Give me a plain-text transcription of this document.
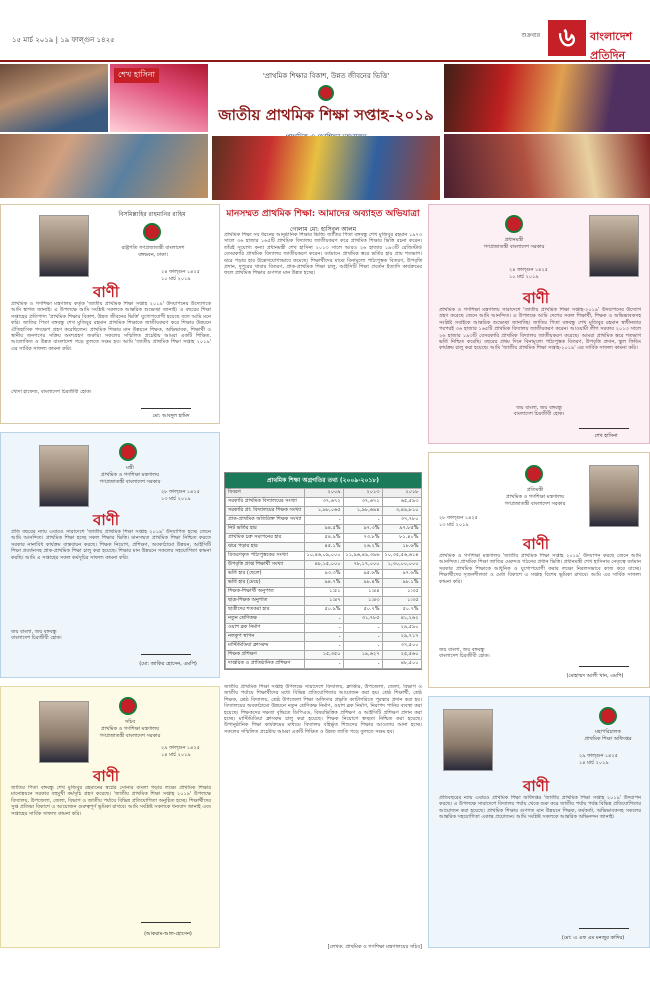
১৫ মার্চ ২০১৯ | ১৯ ফাল্গুন ১৪২৫
শুক্রবার ৬	বাংলাদেশ প্রতিদিন
শেখ হাসিনা	'প্রাথমিক শিক্ষার বিকাশ, উন্নত জীবনের ভিত্তি'
জাতীয় প্রাথমিক শিক্ষা সপ্তাহ-২০১৯
বিসমিল্লাহির রাহমানির রাহিম
রাষ্ট্রপতি গণপ্রজাতন্ত্রী বাংলাদেশ বঙ্গভবন, ঢাকা।
২৪ ফাল্গুন ১৪২৫
১০ মার্চ ২০১৯
বাণী
প্রাথমিক ও গণশিক্ষা মন্ত্রণালয় কর্তৃক 'জাতীয় প্রাথমিক শিক্ষা সপ্তাহ ২০১৯' উদযাপনের উদ্যোগকে আমি স্বাগত জানাই। এ উপলক্ষে আমি সংশ্লিষ্ট সকলকে আন্তরিক শুভেচ্ছা জানাই। এ বছরের শিক্ষা সপ্তাহের প্রতিপাদ্য 'প্রাথমিক শিক্ষার বিকাশ, উন্নত জীবনের ভিত্তি' যুগোপযোগী হয়েছে বলে আমি মনে করি। জাতির পিতা বঙ্গবন্ধু শেখ মুজিবুর রহমান প্রাথমিক শিক্ষাকে জাতীয়করণ করে শিক্ষার উন্নয়নে ঐতিহাসিক পদক্ষেপ গ্রহণ করেছিলেন। প্রাথমিক শিক্ষার মান উন্নয়নে শিক্ষক, অভিভাবক, শিক্ষার্থী ও স্থানীয় জনগণের সক্রিয় অংশগ্রহণ জরুরি। সকলের সম্মিলিত প্রচেষ্টায় আমরা একটি শিক্ষিত, আলোকিত ও উন্নত বাংলাদেশ গড়ে তুলতে সক্ষম হব। আমি 'জাতীয় প্রাথমিক শিক্ষা সপ্তাহ ২০১৯' এর সার্বিক সাফল্য কামনা করি।
খোদা হাফেজ, বাংলাদেশ চিরজীবী হোক।
মো: আবদুল হামিদ
মন্ত্রী
প্রাথমিক ও গণশিক্ষা মন্ত্রণালয়
গণপ্রজাতন্ত্রী বাংলাদেশ সরকার
২৮ ফাল্গুন ১৪২৫
১৩ মার্চ ২০১৯
বাণী
প্রতি বছরের ন্যায় এবারও সারাদেশে 'জাতীয় প্রাথমিক শিক্ষা সপ্তাহ ২০১৯' উদযাপিত হচ্ছে জেনে আমি আনন্দিত। প্রাথমিক শিক্ষা হচ্ছে সকল শিক্ষার ভিত্তি। মানসম্মত প্রাথমিক শিক্ষা নিশ্চিত করতে সরকার নানাবিধ কার্যক্রম বাস্তবায়ন করছে। শিক্ষক নিয়োগ, প্রশিক্ষণ, অবকাঠামো উন্নয়ন, আইসিটি শিক্ষা প্রবর্তনসহ প্রাক-প্রাথমিক শিক্ষা চালু করা হয়েছে। শিক্ষার মান উন্নয়নে সকলের সহযোগিতা কামনা করছি। আমি এ সপ্তাহের সকল কর্মসূচির সাফল্য কামনা করি।
জয় বাংলা, জয় বঙ্গবন্ধু
বাংলাদেশ চিরজীবী হোক।
(মো: জাকির হোসেন, এমপি)
সচিব
প্রাথমিক ও গণশিক্ষা মন্ত্রণালয়
গণপ্রজাতন্ত্রী বাংলাদেশ সরকার
২৯ ফাল্গুন ১৪২৫
১৪ মার্চ ২০১৯
বাণী
জাতির পিতা বঙ্গবন্ধু শেখ মুজিবুর রহমানের স্বপ্নের সোনার বাংলা গড়ার লক্ষ্যে প্রাথমিক শিক্ষার মানোন্নয়নে সরকার বহুমুখী কর্মসূচি গ্রহণ করেছে। 'জাতীয় প্রাথমিক শিক্ষা সপ্তাহ ২০১৯' উপলক্ষে বিদ্যালয়, উপজেলা, জেলা, বিভাগ ও জাতীয় পর্যায়ে বিভিন্ন প্রতিযোগিতা অনুষ্ঠিত হচ্ছে। শিক্ষার্থীদের সুপ্ত প্রতিভা বিকাশে এ আয়োজন গুরুত্বপূর্ণ ভূমিকা রাখবে। আমি সংশ্লিষ্ট সকলকে ধন্যবাদ জানাই এবং সপ্তাহের সার্বিক সাফল্য কামনা করি।
(আকরাম-আল-হোসেন)
মানসম্মত প্রাথমিক শিক্ষা: আমাদের অব্যাহত অভিযাত্রা
গোলাম মো: হাসিবুল আলম
প্রাথমিক শিক্ষা সব ধরনের আনুষ্ঠানিক শিক্ষার ভিত্তি। জাতির পিতা বঙ্গবন্ধু শেখ মুজিবুর রহমান ১৯৭৩ সালে ৩৬ হাজার ১৬৫টি প্রাথমিক বিদ্যালয় জাতীয়করণ করে প্রাথমিক শিক্ষার ভিত্তি রচনা করেন। তাঁরই সুযোগ্য কন্যা প্রধানমন্ত্রী শেখ হাসিনা ২০১৩ সালে আরও ২৬ হাজার ১৯৩টি রেজিস্টার্ড বেসরকারি প্রাথমিক বিদ্যালয় জাতীয়করণ করেন। বর্তমানে প্রাথমিক স্তরে ভর্তির হার প্রায় শতভাগ। ঝরে পড়ার হার উল্লেখযোগ্যভাবে কমেছে। শিক্ষার্থীদের মাঝে বিনামূল্যে পাঠ্যপুস্তক বিতরণ, উপবৃত্তি প্রদান, দুপুরের খাবার বিতরণ, প্রাক-প্রাথমিক শিক্ষা চালু, আইসিটি শিক্ষা প্রবর্তন ইত্যাদি কার্যক্রমের ফলে প্রাথমিক শিক্ষার গুণগত মান উন্নত হচ্ছে।
প্রাথমিক শিক্ষা অগ্রগতির তথ্য (২০০৯-২০১৮)
বিবরণ	২০০৯	২০১৩	২০১৮
সরকারি প্রাথমিক বিদ্যালয়ের সংখ্যা	৩৭,৬৭২	৩৭,৬৭২	৬৫,৫৯৩
সরকারি প্রা: বিদ্যালয়ের শিক্ষক সংখ্যা	১,৯৮,০৬৫	১,৯৮,৬৯৪	৩,৪৯,৮১০
প্রাক-প্রাথমিক অতিরিক্ত শিক্ষক সংখ্যা	-	-	৩৭,৭৮০
নিট ভর্তির হার	৯৪.৫%	৯৭.৩%	৯৭.৮৫%
প্রাথমিক চক্র সমাপনের হার	৫৪.৯%	৭৩.৮%	৮১.৪০%
ঝরে পড়ার হার	৪৫.১%	২৬.২%	১৮.৬%
বিতরণকৃত পাঠ্যপুস্তকের সংখ্যা	১০,৪৬,০৯,০০০	১১,৯৬,৪৯,৩৯৬	১০,৩৫,৫৬,৬১৪
উপবৃত্তি প্রাপ্ত শিক্ষার্থী সংখ্যা	৪৮,১৫,০০০	৭৮,১৭,০০০	১,৩০,০০,০০০
ভর্তি হার (ছেলে)	৯৩.৩%	৯৫.৬%	৯৭.৬%
ভর্তি হার (মেয়ে)	৯৪.৭%	৯৮.৪%	৯৮.১%
শিক্ষক-শিক্ষার্থী অনুপাত	১:৫১	১:৪৪	১:৩৫
ছাত্র-শিক্ষক অনুপাত	১:৪৭	১:৪৩	১:৩৫
ছাত্রীদের শতকরা হার	৫০.৯%	৫০.৭%	৫০.৭%
নতুন শ্রেণিকক্ষ	-	৩১,৭৮৫	৪১,২৬২
ওয়াশ ব্লক নির্মাণ	-	-	২৯,৫৯০
নলকূপ স্থাপন	-	-	২৯,৭১৭
মাল্টিমিডিয়া ক্লাসরুম	-	-	৩৭,৫০০
শিক্ষক প্রশিক্ষণ	১৫,৩৫০	১৯,৬২৭	২৫,৫৬০
দাপ্তরিক ও প্রাতিষ্ঠানিক প্রশিক্ষণ	-	-	৪৮,৫০০
জাতীয় প্রাথমিক শিক্ষা সপ্তাহ উপলক্ষে সারাদেশে বিদ্যালয়, ক্লাস্টার, উপজেলা, জেলা, বিভাগ ও জাতীয় পর্যায়ে শিক্ষার্থীদের মধ্যে বিভিন্ন প্রতিযোগিতার আয়োজন করা হয়। শ্রেষ্ঠ শিক্ষার্থী, শ্রেষ্ঠ শিক্ষক, শ্রেষ্ঠ বিদ্যালয়, শ্রেষ্ঠ উপজেলা শিক্ষা অফিসার প্রভৃতি ক্যাটাগরিতে পুরস্কার প্রদান করা হয়। বিদ্যালয়ের অবকাঠামো উন্নয়নে নতুন শ্রেণিকক্ষ নির্মাণ, ওয়াশ ব্লক নির্মাণ, নিরাপদ পানির ব্যবস্থা করা হয়েছে। শিক্ষকদের দক্ষতা বৃদ্ধিতে ডিপিএড, বিষয়ভিত্তিক প্রশিক্ষণ ও আইসিটি প্রশিক্ষণ প্রদান করা হচ্ছে। মাল্টিমিডিয়া ক্লাসরুম চালু করা হয়েছে। শিক্ষক নিয়োগে স্বচ্ছতা নিশ্চিত করা হয়েছে। উপানুষ্ঠানিক শিক্ষা কার্যক্রমের মাধ্যমে বিদ্যালয় বহির্ভূত শিশুদের শিক্ষার আওতায় আনা হচ্ছে। সকলের সম্মিলিত প্রচেষ্টায় আমরা একটি শিক্ষিত ও উন্নত জাতি গড়ে তুলতে সক্ষম হব।
[লেখক: প্রাথমিক ও গণশিক্ষা মন্ত্রণালয়ের সচিব]
প্রধানমন্ত্রী
গণপ্রজাতন্ত্রী বাংলাদেশ সরকার
২৪ ফাল্গুন ১৪২৫
১০ মার্চ ২০১৯
বাণী
প্রাথমিক ও গণশিক্ষা মন্ত্রণালয় সারাদেশে 'জাতীয় প্রাথমিক শিক্ষা সপ্তাহ-২০১৯' উদযাপনের উদ্যোগ গ্রহণ করেছে জেনে আমি আনন্দিত। এ উপলক্ষে আমি দেশের সকল শিক্ষার্থী, শিক্ষক ও অভিভাবকসহ সংশ্লিষ্ট সবাইকে আন্তরিক শুভেচ্ছা জানাচ্ছি। জাতির পিতা বঙ্গবন্ধু শেখ মুজিবুর রহমান স্বাধীনতার পরপরই ৩৬ হাজার ১৬৫টি প্রাথমিক বিদ্যালয় জাতীয়করণ করেন। আওয়ামী লীগ সরকার ২০১৩ সালে ২৬ হাজার ১৯৩টি বেসরকারি প্রাথমিক বিদ্যালয় জাতীয়করণ করেছে। আমরা প্রাথমিক স্তরে শতভাগ ভর্তি নিশ্চিত করেছি। বছরের প্রথম দিনে বিনামূল্যে পাঠ্যপুস্তক বিতরণ, উপবৃত্তি প্রদান, স্কুল ফিডিং কার্যক্রম চালু করা হয়েছে। আমি 'জাতীয় প্রাথমিক শিক্ষা সপ্তাহ-২০১৯' এর সার্বিক সাফল্য কামনা করি।
জয় বাংলা, জয় বঙ্গবন্ধু
বাংলাদেশ চিরজীবী হোক।
শেখ হাসিনা
প্রতিমন্ত্রী
প্রাথমিক ও গণশিক্ষা মন্ত্রণালয়
গণপ্রজাতন্ত্রী বাংলাদেশ সরকার
২৮ ফাল্গুন ১৪২৫
১৩ মার্চ ২০১৯
বাণী
প্রাথমিক ও গণশিক্ষা মন্ত্রণালয় 'জাতীয় প্রাথমিক শিক্ষা সপ্তাহ ২০১৯' উদযাপন করছে জেনে আমি আনন্দিত। প্রাথমিক শিক্ষা জাতির মেরুদণ্ড গঠনের প্রধান ভিত্তি। প্রধানমন্ত্রী শেখ হাসিনার নেতৃত্বে বর্তমান সরকার প্রাথমিক শিক্ষাকে আধুনিক ও যুগোপযোগী করার লক্ষ্যে নিরলসভাবে কাজ করে যাচ্ছে। শিক্ষার্থীদের সৃজনশীলতা ও মেধা বিকাশে এ সপ্তাহ বিশেষ ভূমিকা রাখবে। আমি এর সার্বিক সাফল্য কামনা করি।
জয় বাংলা, জয় বঙ্গবন্ধু
বাংলাদেশ চিরজীবী হোক।
(মোহাম্মদ আলী খান, এমপি)
মহাপরিচালক
প্রাথমিক শিক্ষা অধিদপ্তর
২৯ ফাল্গুন ১৪২৫
১৪ মার্চ ২০১৯
বাণী
প্রতিবছরের ন্যায় এবারও প্রাথমিক শিক্ষা অধিদপ্তর 'জাতীয় প্রাথমিক শিক্ষা সপ্তাহ ২০১৯' উদযাপন করছে। এ উপলক্ষে সারাদেশে বিদ্যালয় পর্যায় থেকে শুরু করে জাতীয় পর্যায় পর্যন্ত বিভিন্ন প্রতিযোগিতার আয়োজন করা হয়েছে। প্রাথমিক শিক্ষার গুণগত মান উন্নয়নে শিক্ষক, কর্মকর্তা, অভিভাবকসহ সকলের আন্তরিক সহযোগিতা একান্ত প্রয়োজন। আমি সংশ্লিষ্ট সকলকে আন্তরিক অভিনন্দন জানাই।
(মো: এ এফ এম মনজুর কাদির)
